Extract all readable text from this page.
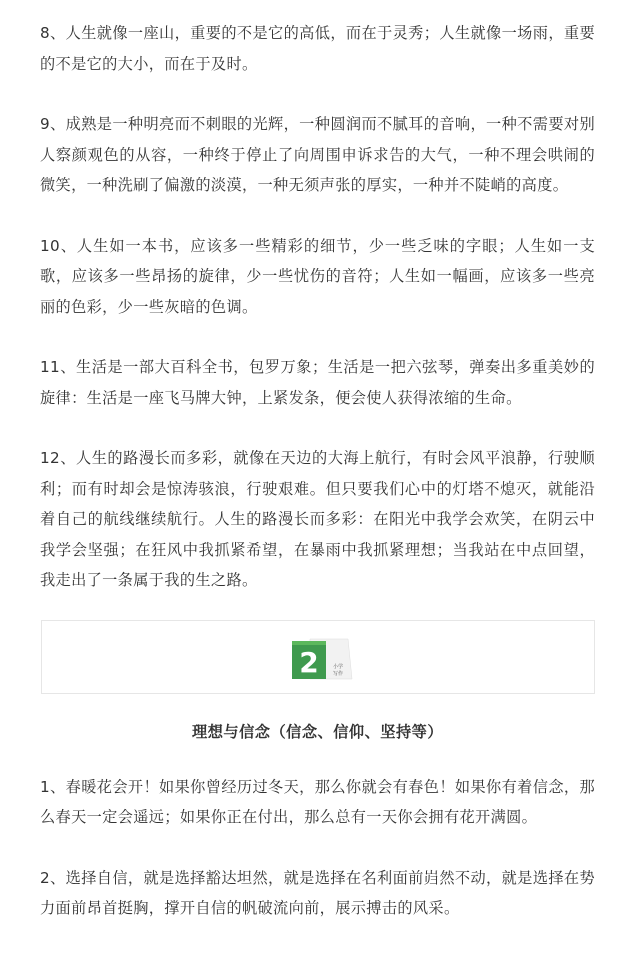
8、人生就像一座山，重要的不是它的高低，而在于灵秀；人生就像一场雨，重要的不是它的大小，而在于及时。

9、成熟是一种明亮而不刺眼的光辉，一种圆润而不腻耳的音响，一种不需要对别人察颜观色的从容，一种终于停止了向周围申诉求告的大气，一种不理会哄闹的微笑，一种洗刷了偏激的淡漠，一种无须声张的厚实，一种并不陡峭的高度。

10、人生如一本书，应该多一些精彩的细节，少一些乏味的字眼；人生如一支歌，应该多一些昂扬的旋律，少一些忧伤的音符；人生如一幅画，应该多一些亮丽的色彩，少一些灰暗的色调。

11、生活是一部大百科全书，包罗万象；生活是一把六弦琴，弹奏出多重美妙的旋律：生活是一座飞马牌大钟，上紧发条，便会使人获得浓缩的生命。

12、人生的路漫长而多彩，就像在天边的大海上航行，有时会风平浪静，行驶顺利；而有时却会是惊涛骇浪，行驶艰难。但只要我们心中的灯塔不熄灭，就能沿着自己的航线继续航行。人生的路漫长而多彩：在阳光中我学会欢笑，在阴云中我学会坚强；在狂风中我抓紧希望，在暴雨中我抓紧理想；当我站在中点回望，我走出了一条属于我的生之路。

2	小学
写作
理想与信念（信念、信仰、坚持等）

1、春暖花会开！如果你曾经历过冬天，那么你就会有春色！如果你有着信念，那么春天一定会遥远；如果你正在付出，那么总有一天你会拥有花开满圆。

2、选择自信，就是选择豁达坦然，就是选择在名利面前岿然不动，就是选择在势力面前昂首挺胸，撑开自信的帆破流向前，展示搏击的风采。
